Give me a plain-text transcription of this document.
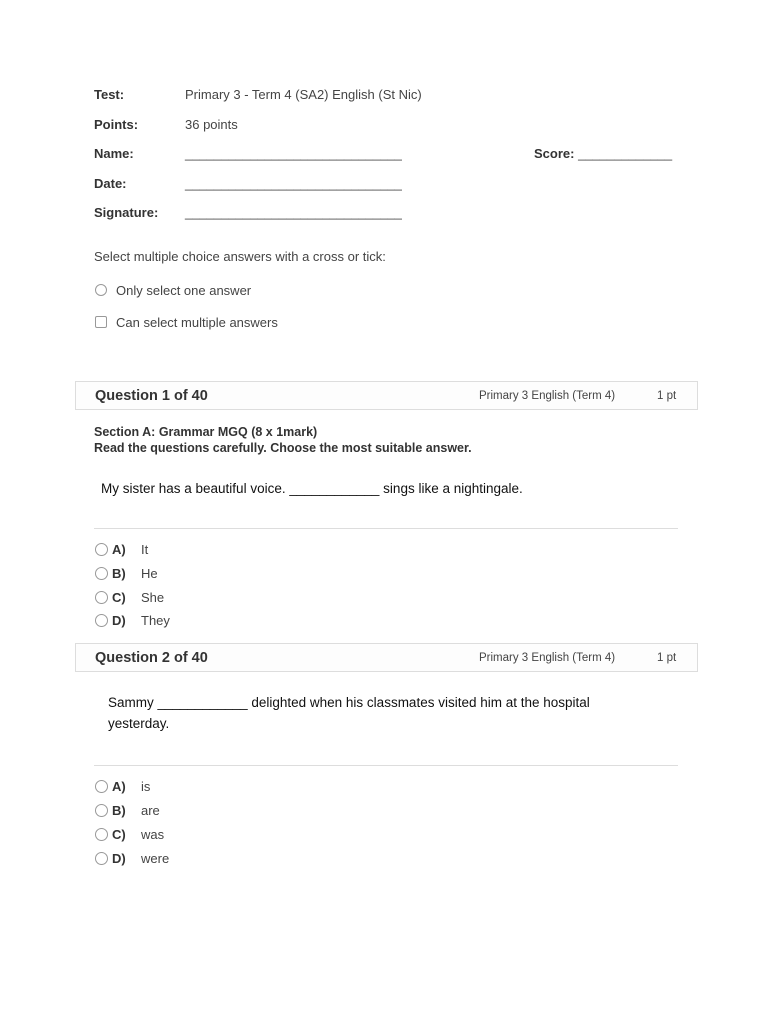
Test:	Primary 3 - Term 4 (SA2) English (St Nic)
Points:	36 points
Name:	______________________________
Date:	______________________________
Signature: ______________________________
Score: _____________
Select multiple choice answers with a cross or tick:
Only select one answer
Can select multiple answers
Question 1 of 40	Primary 3 English (Term 4)	1 pt
Section A: Grammar MGQ (8 x 1mark)
Read the questions carefully. Choose the most suitable answer.
My sister has a beautiful voice. ____________ sings like a nightingale.
A) It
B) He
C) She
D) They
Question 2 of 40	Primary 3 English (Term 4)	1 pt
Sammy ____________ delighted when his classmates visited him at the hospital
yesterday.
A) is
B) are
C) was
D) were
